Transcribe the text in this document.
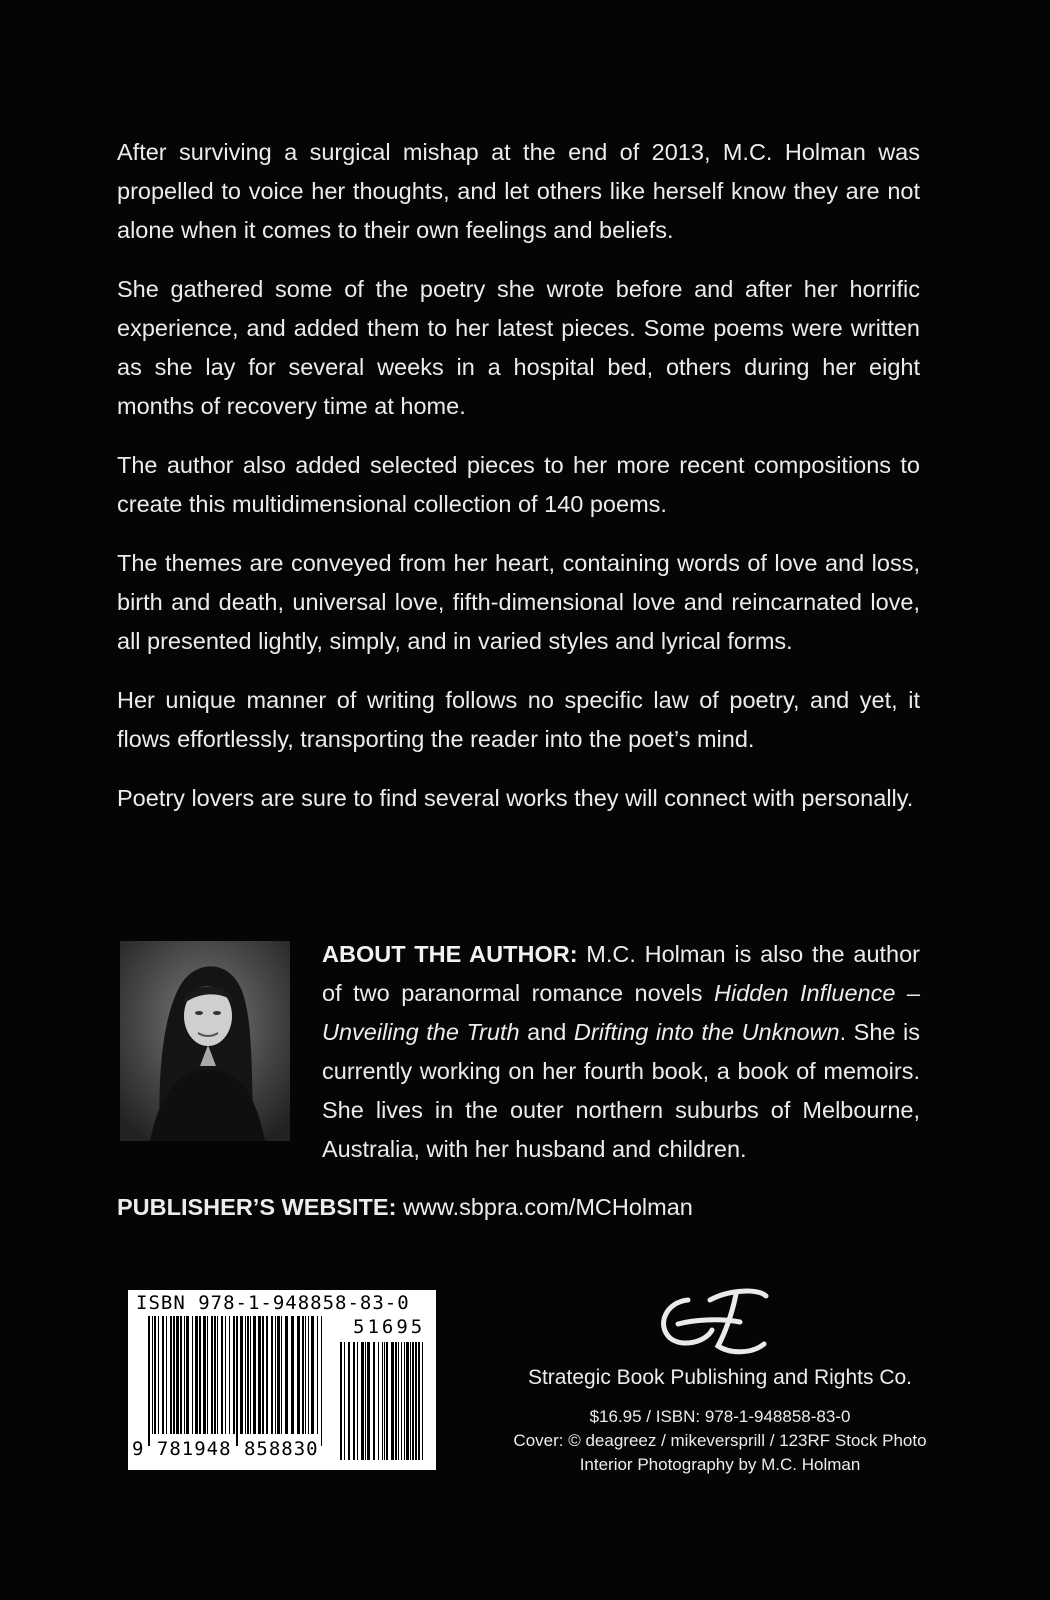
After surviving a surgical mishap at the end of 2013, M.C. Holman was propelled to voice her thoughts, and let others like herself know they are not alone when it comes to their own feelings and beliefs.

She gathered some of the poetry she wrote before and after her horrific experience, and added them to her latest pieces. Some poems were written as she lay for several weeks in a hospital bed, others during her eight months of recovery time at home.

The author also added selected pieces to her more recent compositions to create this multidimensional collection of 140 poems.

The themes are conveyed from her heart, containing words of love and loss, birth and death, universal love, fifth-dimensional love and reincarnated love, all presented lightly, simply, and in varied styles and lyrical forms.

Her unique manner of writing follows no specific law of poetry, and yet, it flows effortlessly, transporting the reader into the poet’s mind.

Poetry lovers are sure to find several works they will connect with personally.

ABOUT THE AUTHOR: M.C. Holman is also the author of two paranormal romance novels Hidden Influence – Unveiling the Truth and Drifting into the Unknown. She is currently working on her fourth book, a book of memoirs. She lives in the outer northern suburbs of Melbourne, Australia, with her husband and children.

PUBLISHER’S WEBSITE: www.sbpra.com/MCHolman
ISBN 978-1-948858-83-0
51695
9 781948 858830
Strategic Book Publishing and Rights Co.
$16.95 / ISBN: 978-1-948858-83-0
Cover: © deagreez / mikeversprill / 123RF Stock Photo
Interior Photography by M.C. Holman
